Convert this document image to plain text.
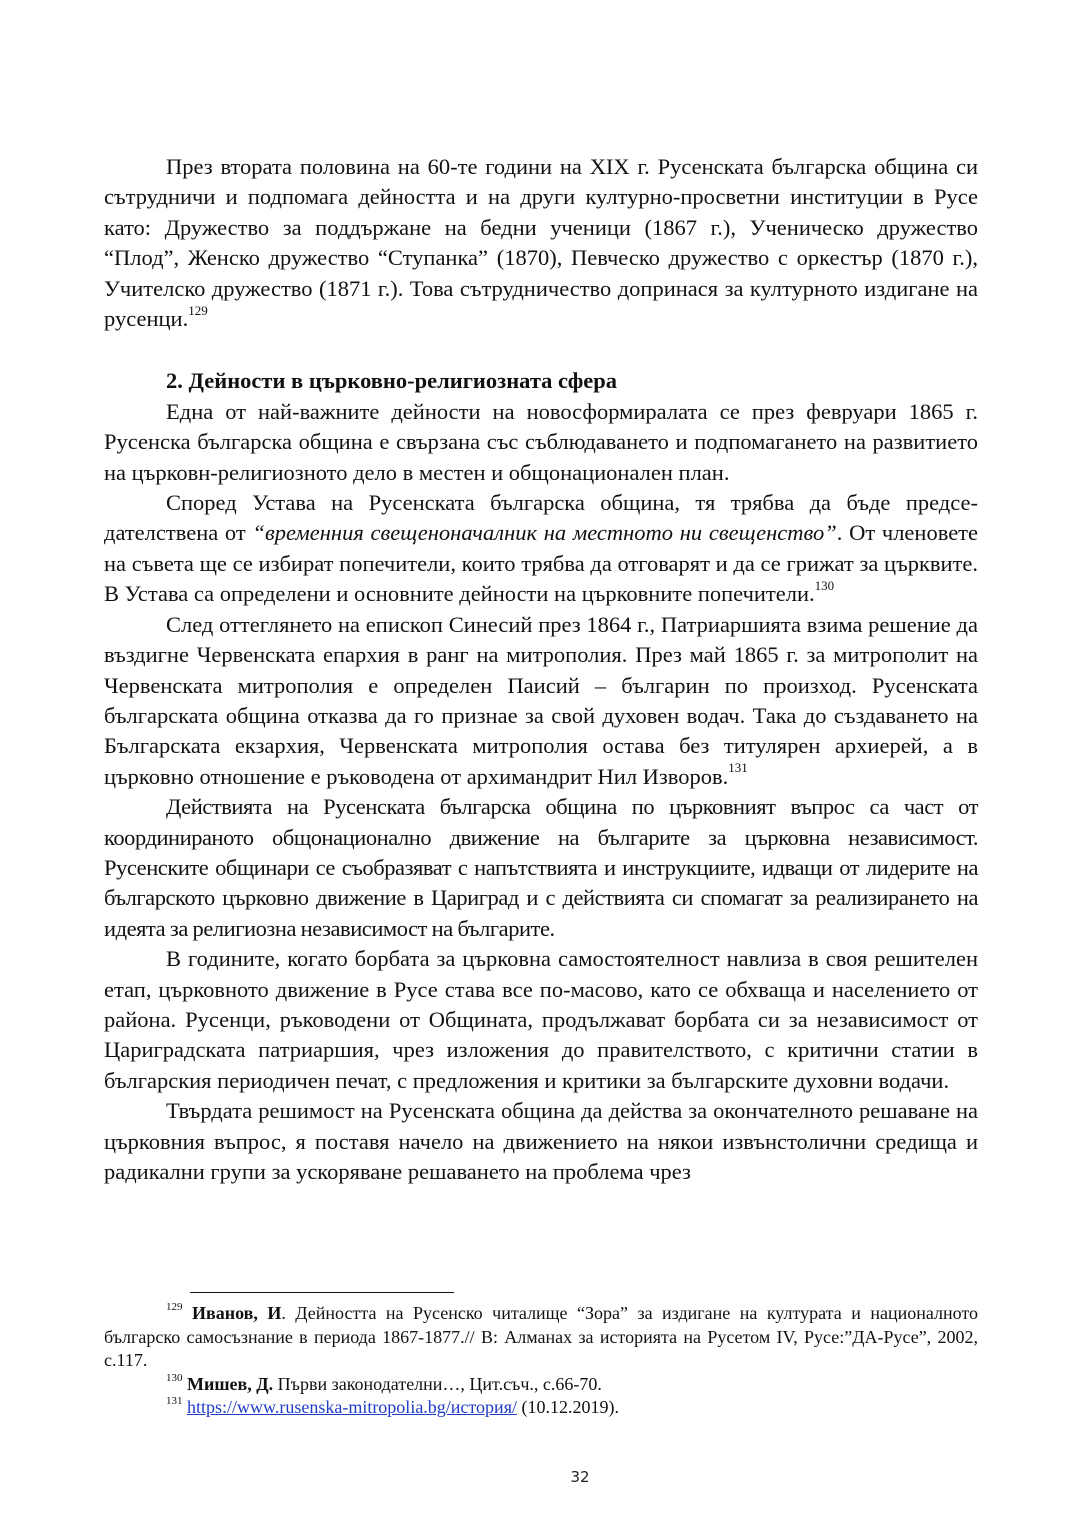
През втората половина на 60-те години на XIX г. Русенската българска община си сътрудничи и подпомага дейността и на други културно-просветни институции в Русе като: Дружество за поддържане на бедни ученици (1867 г.), Ученическо дружество “Плод”, Женско дружество “Ступанка” (1870), Певческо дружество с оркестър (1870 г.), Учителско дружество (1871 г.). Това сътрудничество допринася за културното издигане на русенци.$^{129}$

2. Дейности в църковно-религиозната сфера

Една от най-важните дейности на новосформиралата се през февруари 1865 г. Русенска българска община е свързана със съблюдаването и подпомагането на развитието на църковн-религиозното дело в местен и общонационален план.

Според Устава на Русенската българска община, тя трябва да бъде председателствена от “временния свещеноначалник на местното ни свещенство”. От членовете на съвета ще се избират попечители, които трябва да отговарят и да се грижат за църквите. В Устава са определени и основните дейности на църковните попечители.$^{130}$

След оттеглянето на епископ Синесий през 1864 г., Патриаршията взима решение да въздигне Червенската епархия в ранг на митрополия. През май 1865 г. за митрополит на Червенската митрополия е определен Паисий – българин по произход. Русенската българската община отказва да го признае за свой духовен водач. Така до създаването на Българската екзархия, Червенската митрополия остава без титулярен архиерей, а в църковно отношение е ръководена от архимандрит Нил Изворов.$^{131}$

Действията на Русенската българска община по църковният въпрос са част от координираното общонационално движение на българите за църковна независимост. Русенските общинари се съобразяват с напътствията и инструкциите, идващи от лидерите на българското църковно движение в Цариград и с действията си спомагат за реализирането на идеята за религиозна независимост на българите.

В годините, когато борбата за църковна самостоятелност навлиза в своя решителен етап, църковното движение в Русе става все по-масово, като се обхваща и населението от района. Русенци, ръководени от Общината, продължават борбата си за независимост от Цариградската патриаршия, чрез изложения до правителството, с критични статии в българския периодичен печат, с предложения и критики за българските духовни водачи.

Твърдата решимост на Русенската община да действа за окончателното решаване на църковния въпрос, я поставя начело на движението на някои извънстолични средища и радикални групи за ускоряване решаването на проблема чрез

$^{129}$ Иванов, И. Дейността на Русенско читалище “Зора” за издигане на културата и националното българско самосъзнание в периода 1867-1877.// В: Алманах за историята на Русетом IV, Русе:”ДА-Русе”, 2002, с.117.

$^{130}$ Мишев, Д. Първи законодателни…, Цит.съч., с.66-70.

$^{131}$ https://www.rusenska-mitropolia.bg/история/ (10.12.2019).

32
